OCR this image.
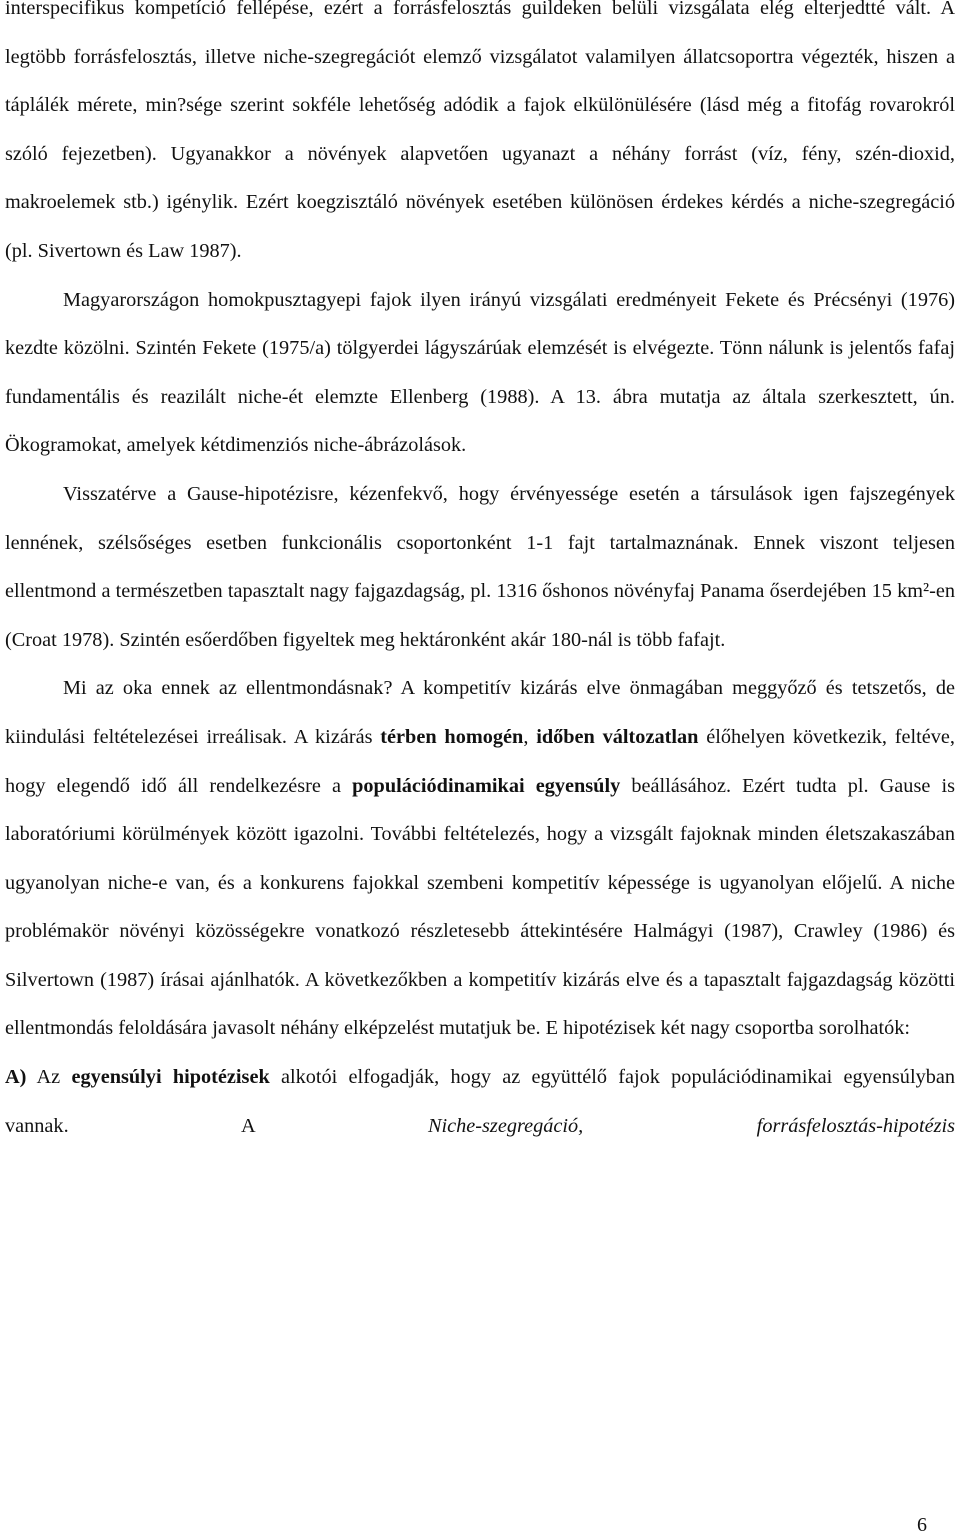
interspecifikus kompetíció fellépése, ezért a forrásfelosztás guildeken belüli vizsgálata elég elterjedtté vált. A legtöbb forrásfelosztás, illetve niche-szegregációt elemző vizsgálatot valamilyen állatcsoportra végezték, hiszen a táplálék mérete, min?sége szerint sokféle lehetőség adódik a fajok elkülönülésére (lásd még a fitofág rovarokról szóló fejezetben). Ugyanakkor a növények alapvetően ugyanazt a néhány forrást (víz, fény, szén-dioxid, makroelemek stb.) igénylik. Ezért koegzisztáló növények esetében különösen érdekes kérdés a niche-szegregáció (pl. Sivertown és Law 1987).

Magyarországon homokpusztagyepi fajok ilyen irányú vizsgálati eredményeit Fekete és Précsényi (1976) kezdte közölni. Szintén Fekete (1975/a) tölgyerdei lágyszárúak elemzését is elvégezte. Tönn nálunk is jelentős fafaj fundamentális és reazilált niche-ét elemzte Ellenberg (1988). A 13. ábra mutatja az általa szerkesztett, ún. Ökogramokat, amelyek kétdimenziós niche-ábrázolások.

Visszatérve a Gause-hipotézisre, kézenfekvő, hogy érvényessége esetén a társulások igen fajszegények lennének, szélsőséges esetben funkcionális csoportonként 1-1 fajt tartalmaznának. Ennek viszont teljesen ellentmond a természetben tapasztalt nagy fajgazdagság, pl. 1316 őshonos növényfaj Panama őserdejében 15 km²-en (Croat 1978). Szintén esőerdőben figyeltek meg hektáronként akár 180-nál is több fafajt.

Mi az oka ennek az ellentmondásnak? A kompetitív kizárás elve önmagában meggyőző és tetszetős, de kiindulási feltételezései irreálisak. A kizárás térben homogén, időben változatlan élőhelyen következik, feltéve, hogy elegendő idő áll rendelkezésre a populációdinamikai egyensúly beállásához. Ezért tudta pl. Gause is laboratóriumi körülmények között igazolni. További feltételezés, hogy a vizsgált fajoknak minden életszakaszában ugyanolyan niche-e van, és a konkurens fajokkal szembeni kompetitív képessége is ugyanolyan előjelű. A niche problémakör növényi közösségekre vonatkozó részletesebb áttekintésére Halmágyi (1987), Crawley (1986) és Silvertown (1987) írásai ajánlhatók. A következőkben a kompetitív kizárás elve és a tapasztalt fajgazdagság közötti ellentmondás feloldására javasolt néhány elképzelést mutatjuk be. E hipotézisek két nagy csoportba sorolhatók:

A) Az egyensúlyi hipotézisek alkotói elfogadják, hogy az együttélő fajok populációdinamikai egyensúlyban vannak. A Niche-szegregáció, forrásfelosztás-hipotézis

6
